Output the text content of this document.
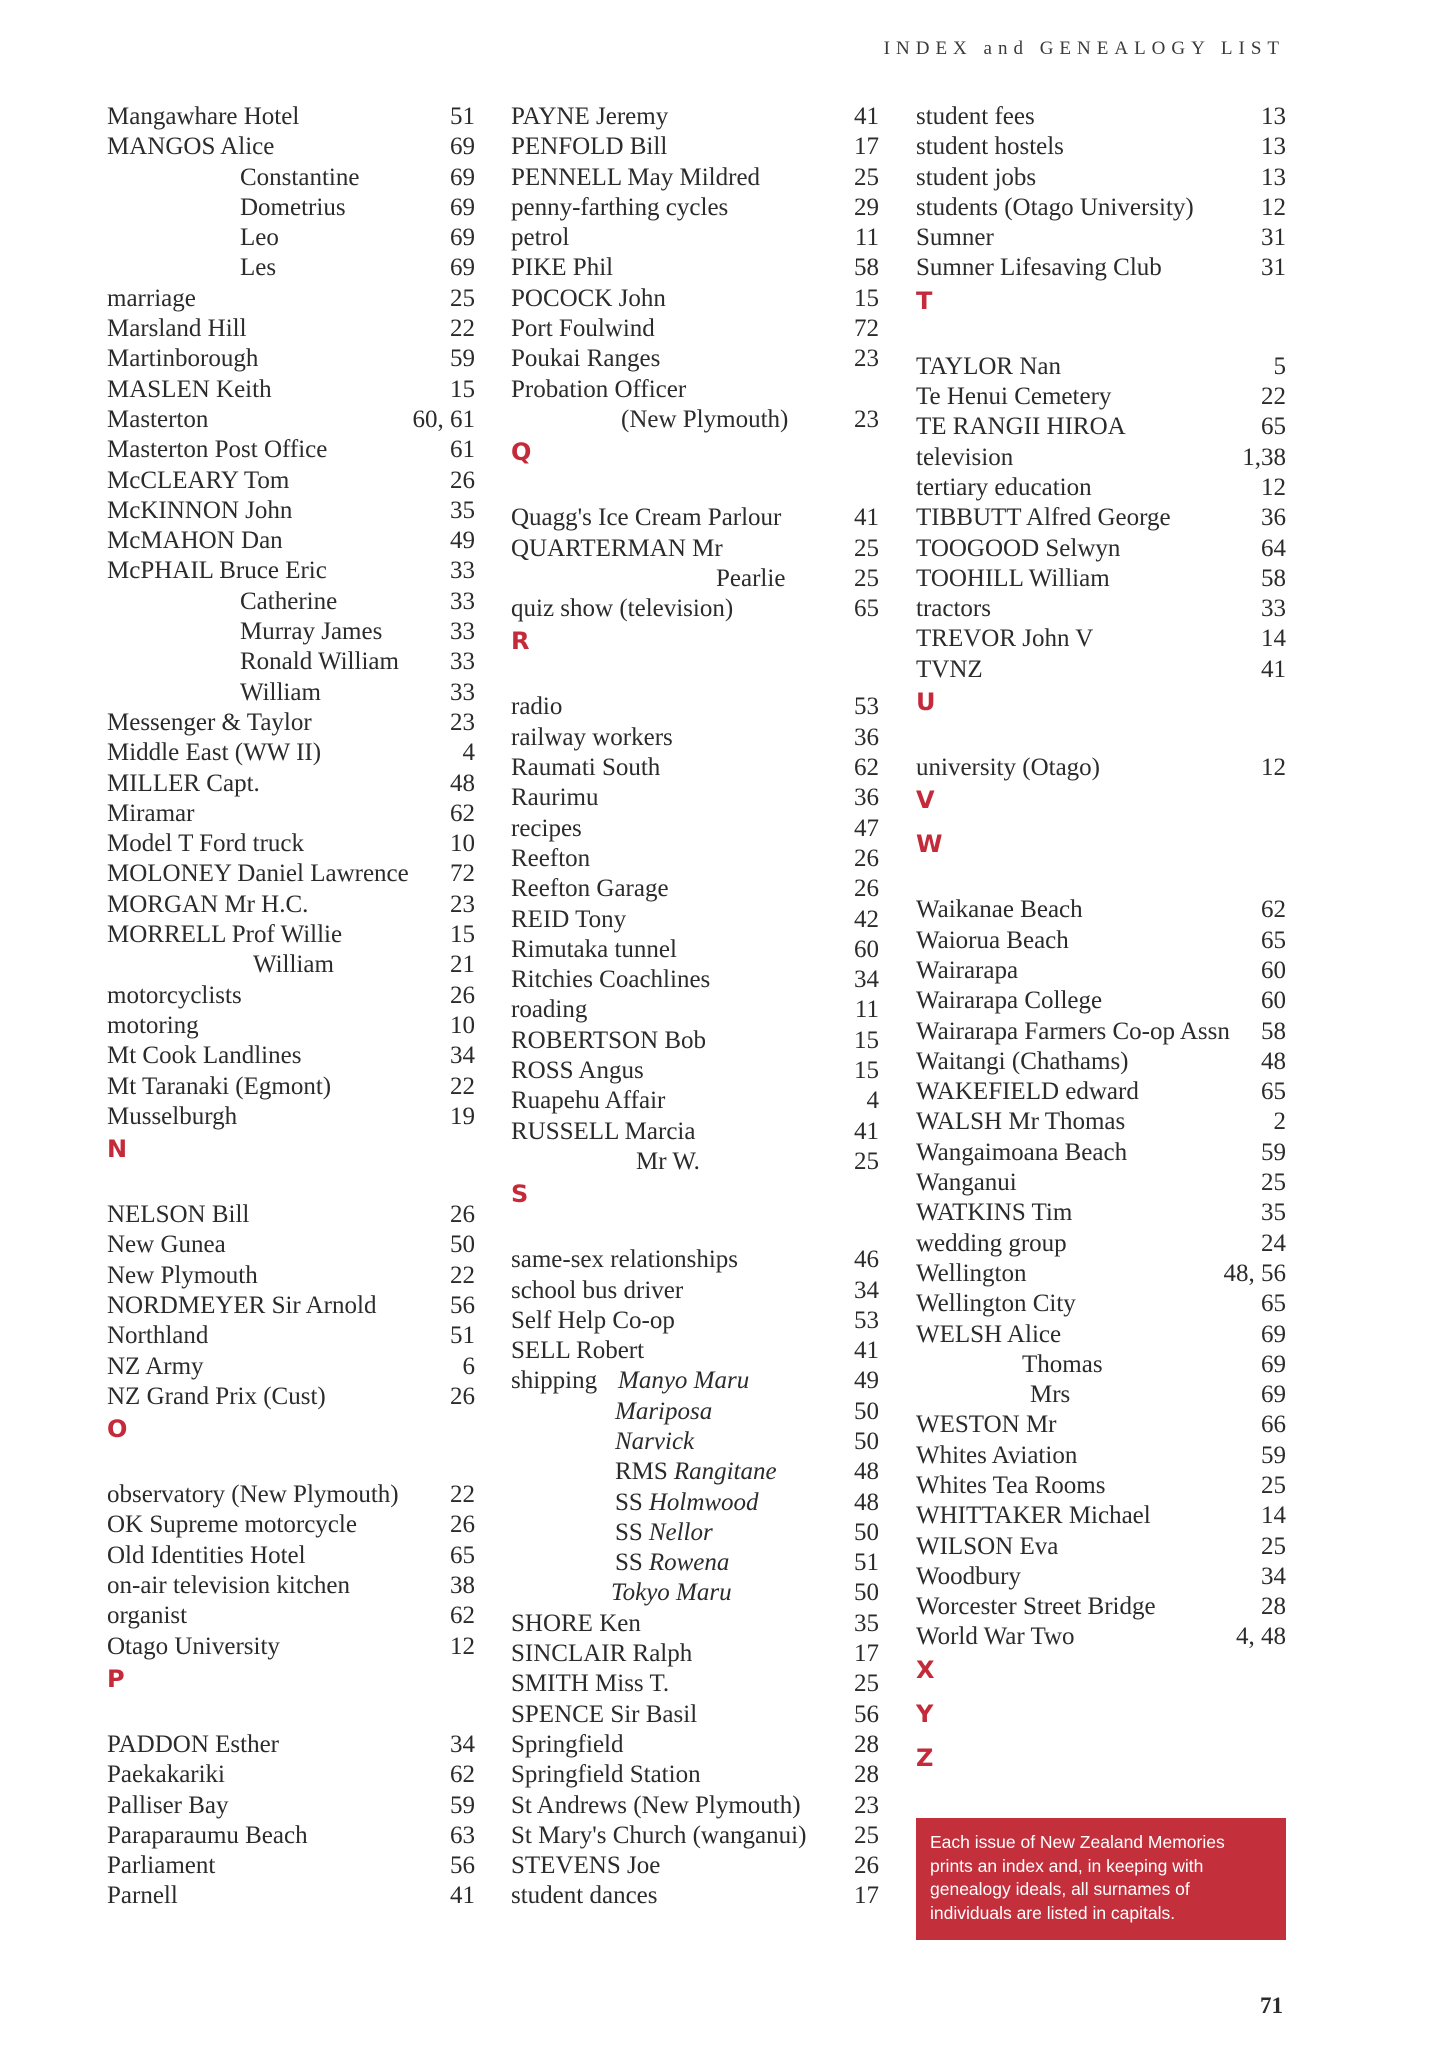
INDEX and GENEALOGY LIST
Mangawhare Hotel	51
MANGOS Alice	69
Constantine	69
Dometrius	69
Leo	69
Les	69
marriage	25
Marsland Hill	22
Martinborough	59
MASLEN Keith	15
Masterton	60, 61
Masterton Post Office	61
McCLEARY Tom	26
McKINNON John	35
McMAHON Dan	49
McPHAIL Bruce Eric	33
Catherine	33
Murray James	33
Ronald William 33
William	33
Messenger & Taylor	23
Middle East (WW II)	4
MILLER Capt.	48
Miramar	62
Model T Ford truck	10
MOLONEY Daniel Lawrence 72
MORGAN Mr H.C.	23
MORRELL Prof Willie	15
William	21
motorcyclists	26
motoring	10
Mt Cook Landlines	34
Mt Taranaki (Egmont)	22
Musselburgh	19
N
NELSON Bill	26
New Gunea	50
New Plymouth	22
NORDMEYER Sir Arnold	56
Northland	51
NZ Army	6
NZ Grand Prix (Cust)	26
O
observatory (New Plymouth) 22
OK Supreme motorcycle	26
Old Identities Hotel	65
on-air television kitchen	38
organist	62
Otago University	12
P
PADDON Esther	34
Paekakariki	62
Palliser Bay	59
Paraparaumu Beach	63
Parliament	56
Parnell	41
PAYNE Jeremy	41
PENFOLD Bill	17
PENNELL May Mildred	25
penny-farthing cycles	29
petrol	11
PIKE Phil	58
POCOCK John	15
Port Foulwind	72
Poukai Ranges	23
Probation Officer
(New Plymouth)	23
Q
Quagg's Ice Cream Parlour	41
QUARTERMAN Mr	25
Pearlie	25
quiz show (television)	65
R
radio	53
railway workers	36
Raumati South	62
Raurimu	36
recipes	47
Reefton	26
Reefton Garage	26
REID Tony	42
Rimutaka tunnel	60
Ritchies Coachlines	34
roading	11
ROBERTSON Bob	15
ROSS Angus	15
Ruapehu Affair	4
RUSSELL Marcia	41
Mr W.	25
S
same-sex relationships	46
school bus driver	34
Self Help Co-op	53
SELL Robert	41
shipping Manyo Maru	49
Mariposa	50
Narvick	50
RMS Rangitane	48
SS Holmwood	48
SS Nellor	50
SS Rowena	51
Tokyo Maru	50
SHORE Ken	35
SINCLAIR Ralph	17
SMITH Miss T.	25
SPENCE Sir Basil	56
Springfield	28
Springfield Station	28
St Andrews (New Plymouth) 23
St Mary's Church (wanganui) 25
STEVENS Joe	26
student dances	17
student fees	13
student hostels	13
student jobs	13
students (Otago University)	12
Sumner	31
Sumner Lifesaving Club	31
T
TAYLOR Nan	5
Te Henui Cemetery	22
TE RANGII HIROA	65
television	1,38
tertiary education	12
TIBBUTT Alfred George	36
TOOGOOD Selwyn	64
TOOHILL William	58
tractors	33
TREVOR John V	14
TVNZ	41
U
university (Otago)	12
V
W
Waikanae Beach	62
Waiorua Beach	65
Wairarapa	60
Wairarapa College	60
Wairarapa Farmers Co-op Assn 58
Waitangi (Chathams)	48
WAKEFIELD edward	65
WALSH Mr Thomas	2
Wangaimoana Beach	59
Wanganui	25
WATKINS Tim	35
wedding group	24
Wellington	48, 56
Wellington City	65
WELSH Alice	69
Thomas	69
Mrs	69
WESTON Mr	66
Whites Aviation	59
Whites Tea Rooms	25
WHITTAKER Michael	14
WILSON Eva	25
Woodbury	34
Worcester Street Bridge	28
World War Two	4, 48
X
Y
Z
Each issue of New Zealand Memories prints an index and, in keeping with genealogy ideals, all surnames of individuals are listed in capitals.
71
